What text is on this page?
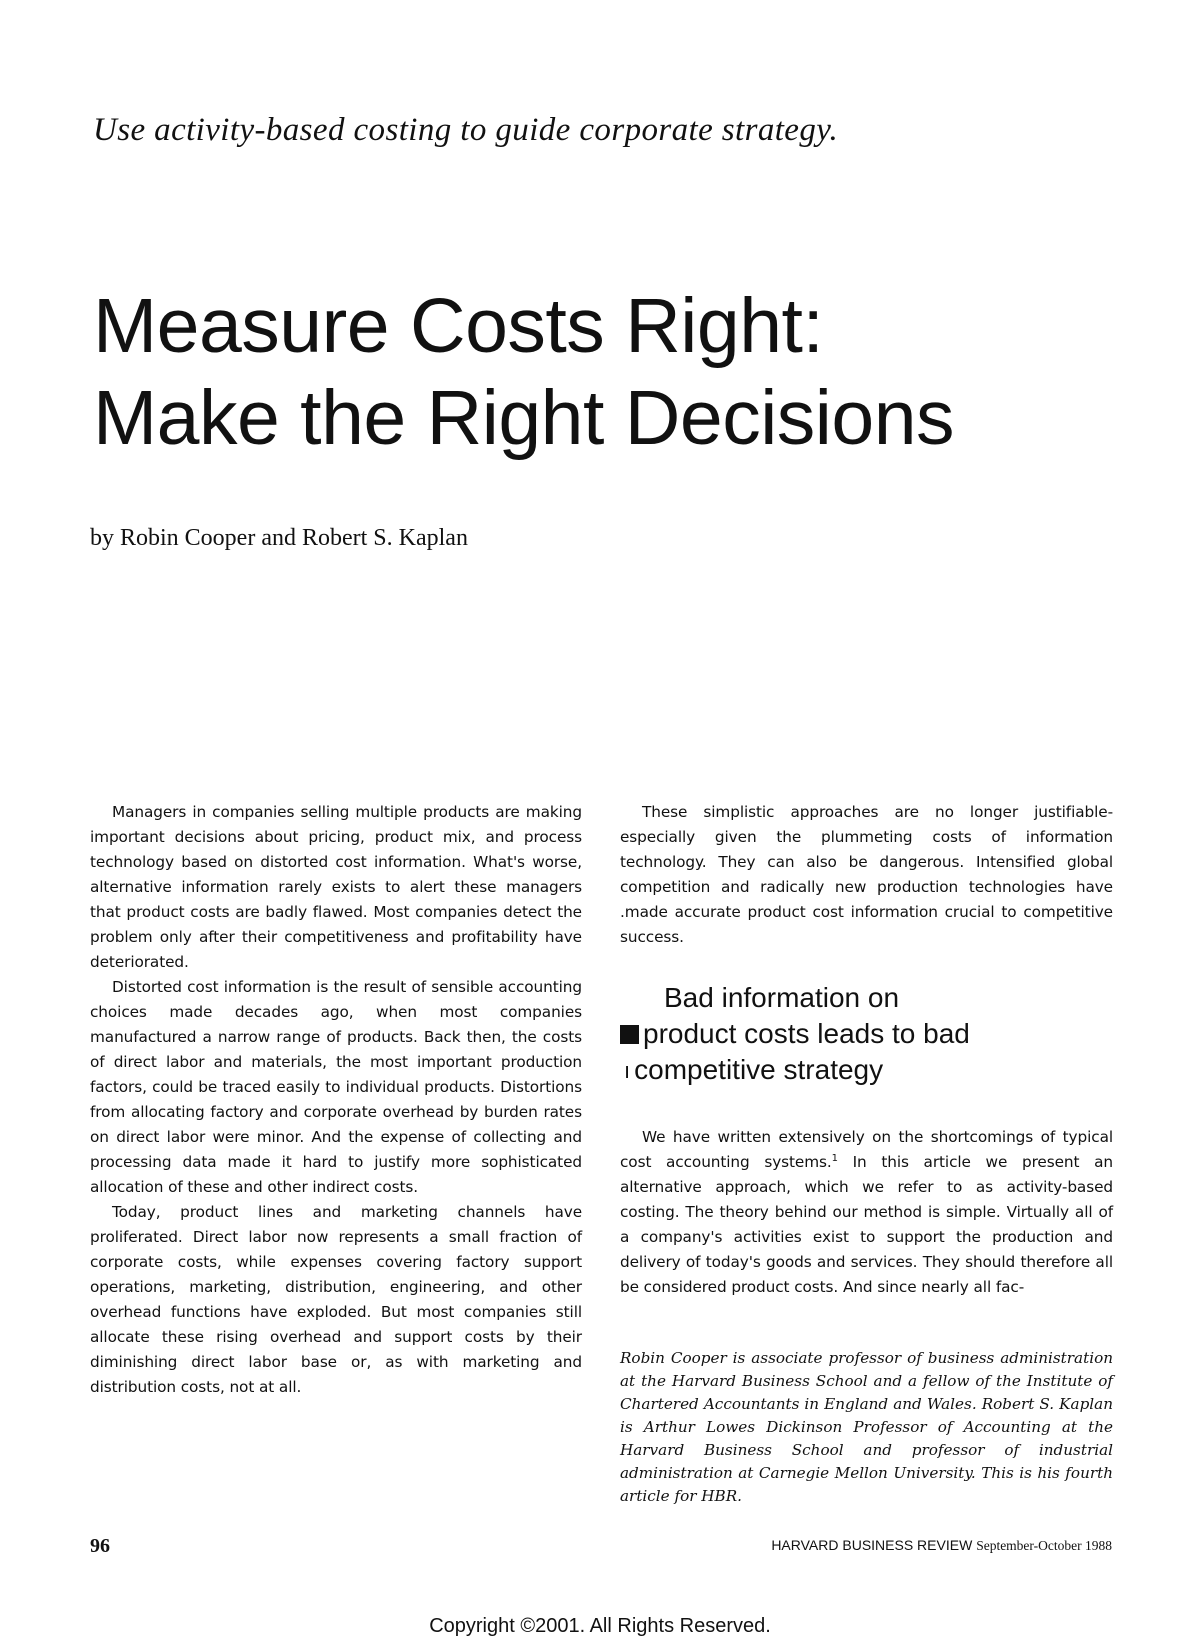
Use activity-based costing to guide corporate strategy.
Measure Costs Right:
Make the Right Decisions
by Robin Cooper and Robert S. Kaplan

Managers in companies selling multiple products are making important decisions about pricing, product mix, and process technology based on distorted cost information. What's worse, alternative information rarely exists to alert these managers that product costs are badly flawed. Most companies detect the problem only after their competitiveness and profitability have deteriorated.

Distorted cost information is the result of sensible accounting choices made decades ago, when most companies manufactured a narrow range of products. Back then, the costs of direct labor and materials, the most important production factors, could be traced easily to individual products. Distortions from allocating factory and corporate overhead by burden rates on direct labor were minor. And the expense of collecting and processing data made it hard to justify more sophisticated allocation of these and other indirect costs.

Today, product lines and marketing channels have proliferated. Direct labor now represents a small fraction of corporate costs, while expenses covering factory support operations, marketing, distribution, engineering, and other overhead functions have exploded. But most companies still allocate these rising overhead and support costs by their diminishing direct labor base or, as with marketing and distribution costs, not at all.

These simplistic approaches are no longer justifiable-especially given the plummeting costs of information technology. They can also be dangerous. Intensified global competition and radically new production technologies have .made accurate product cost information crucial to competitive success.

Bad information on
product costs leads to bad
ı competitive strategy

We have written extensively on the shortcomings of typical cost accounting systems.$^1$ In this article we present an alternative approach, which we refer to as activity-based costing. The theory behind our method is simple. Virtually all of a company's activities exist to support the production and delivery of today's goods and services. They should therefore all be considered product costs. And since nearly all fac-

Robin Cooper is associate professor of business administration at the Harvard Business School and a fellow of the Institute of Chartered Accountants in England and Wales. Robert S. Kaplan is Arthur Lowes Dickinson Professor of Accounting at the Harvard Business School and professor of industrial administration at Carnegie Mellon University. This is his fourth article for HBR.
96	HARVARD BUSINESS REVIEW September-October 1988
Copyright ©2001. All Rights Reserved.
